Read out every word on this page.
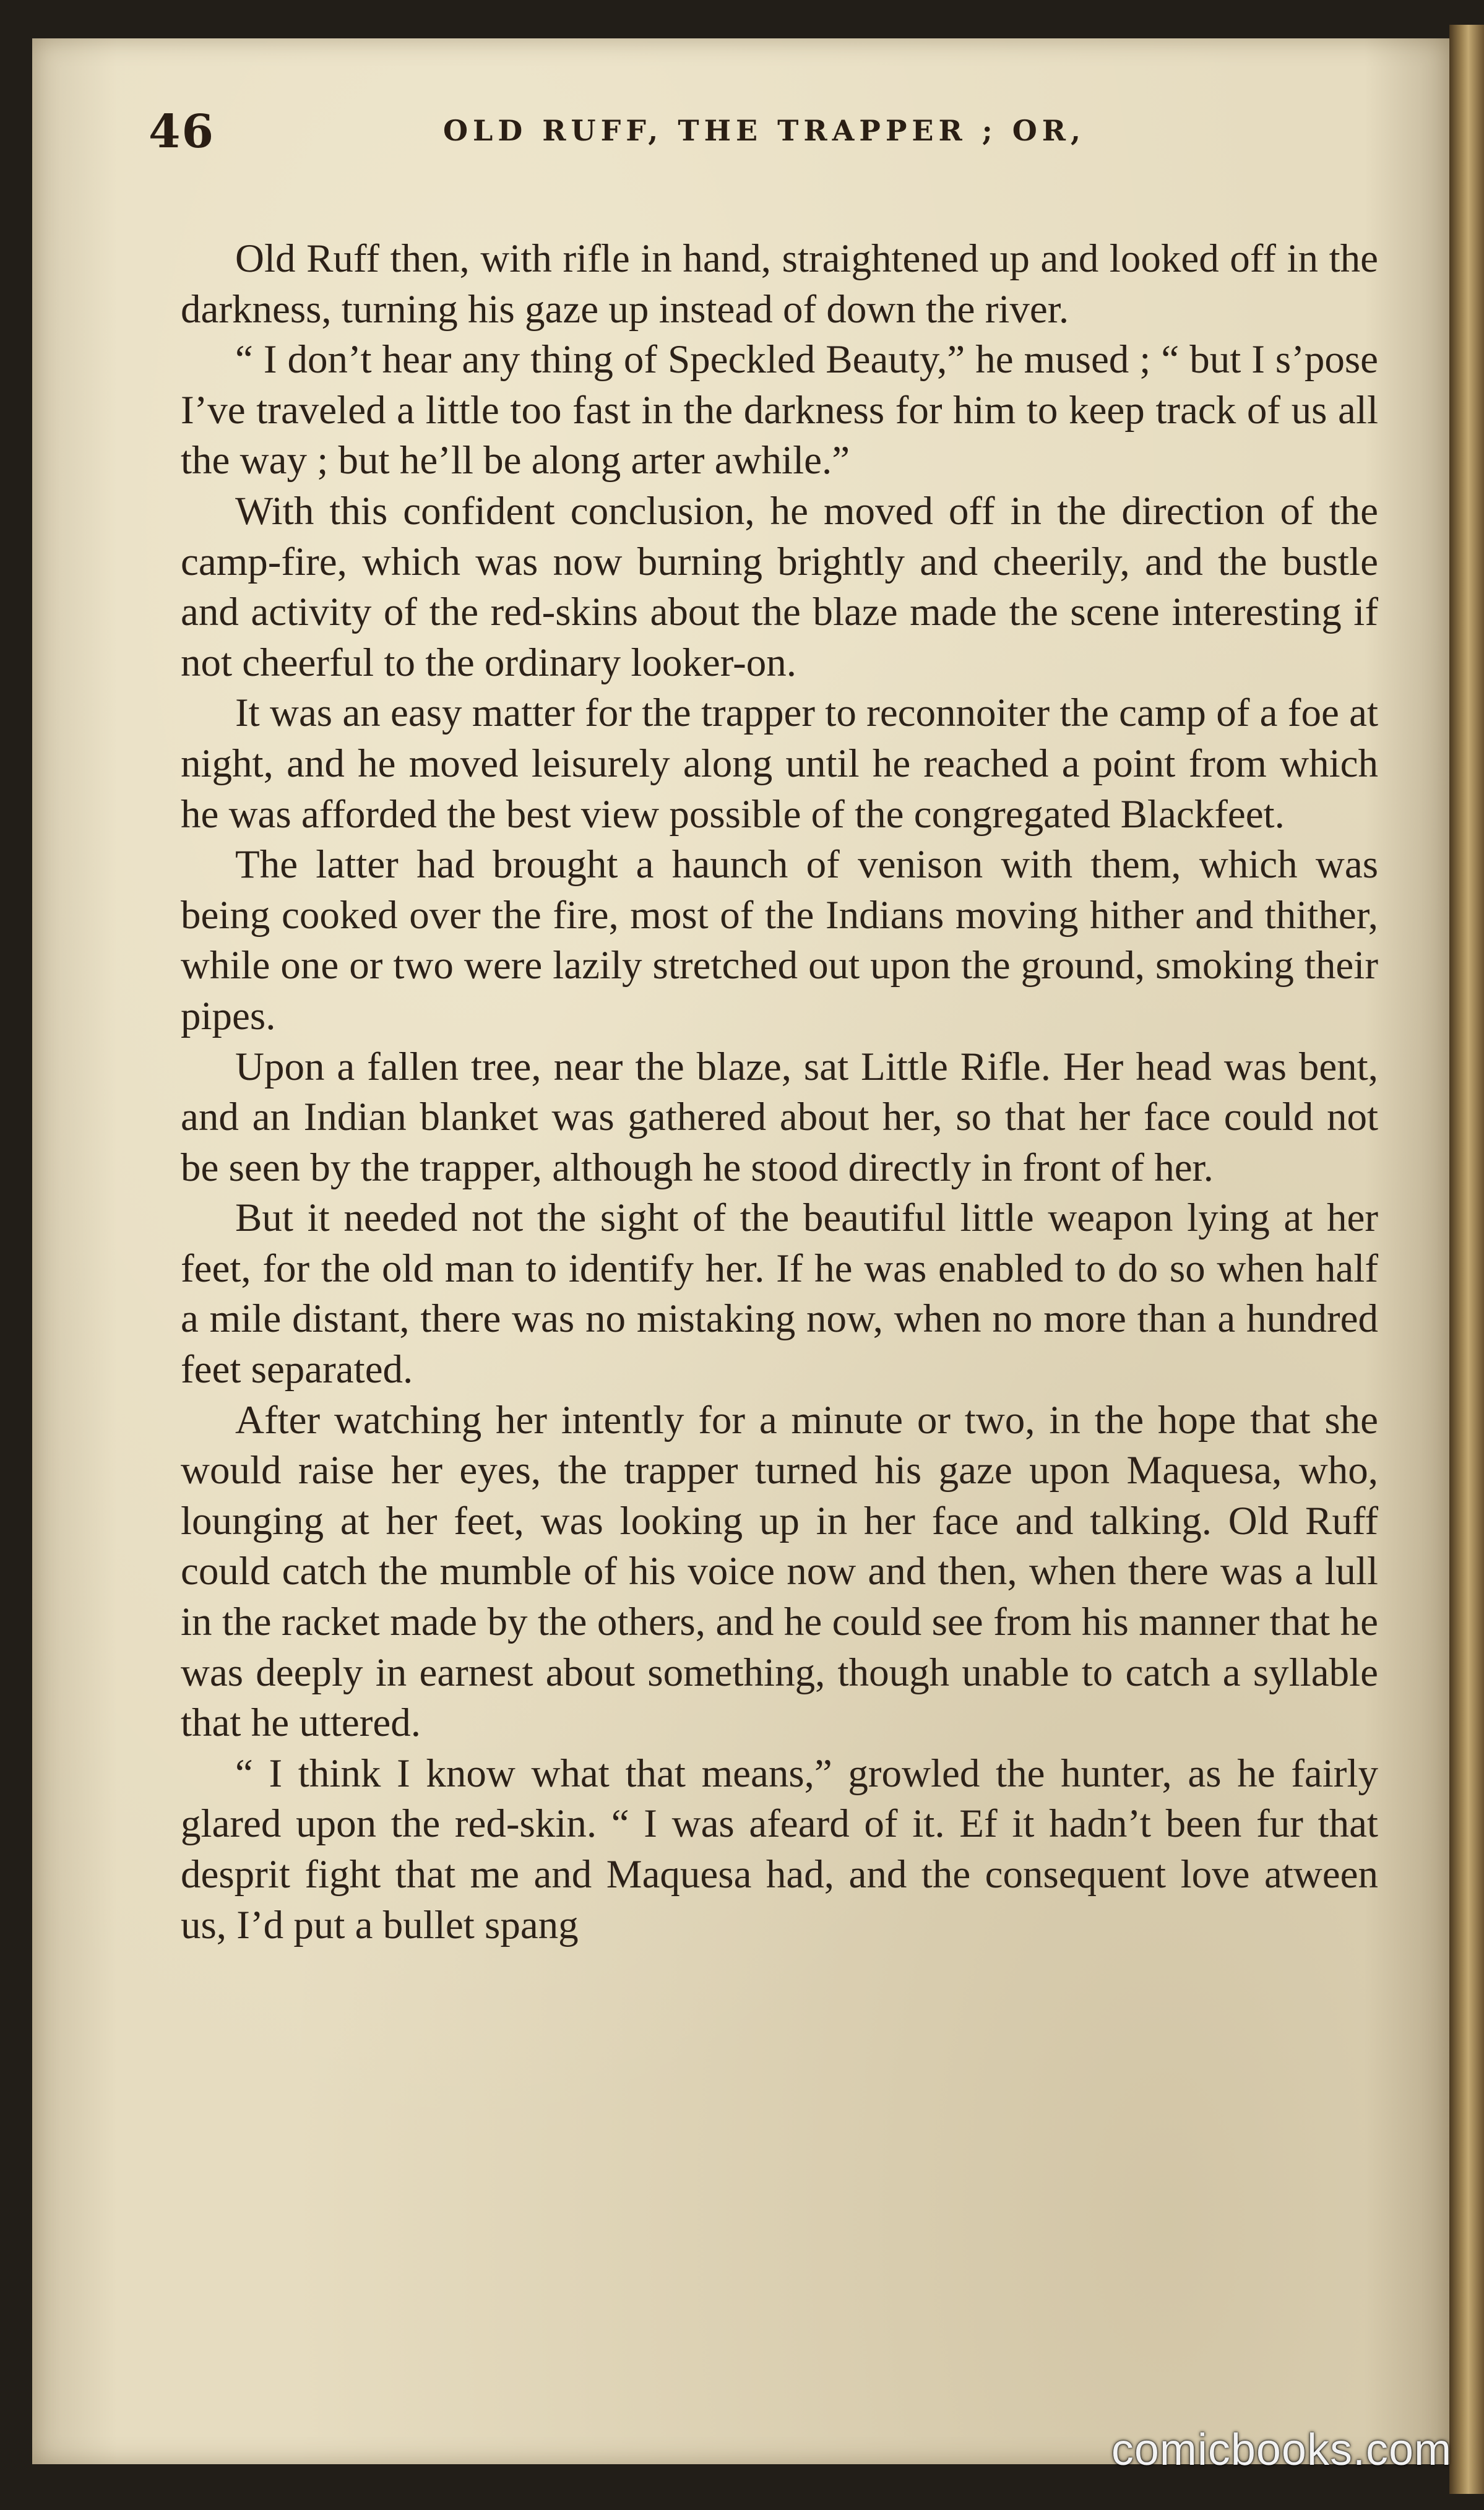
46	OLD RUFF, THE TRAPPER ; OR,

Old Ruff then, with rifle in hand, straightened up and looked off in the darkness, turning his gaze up instead of down the river.

“ I don’t hear any thing of Speckled Beauty,” he mused ; “ but I s’pose I’ve traveled a little too fast in the darkness for him to keep track of us all the way ; but he’ll be along arter awhile.”

With this confident conclusion, he moved off in the direction of the camp-fire, which was now burning brightly and cheerily, and the bustle and activity of the red-skins about the blaze made the scene interesting if not cheerful to the ordinary looker-on.

It was an easy matter for the trapper to reconnoiter the camp of a foe at night, and he moved leisurely along until he reached a point from which he was afforded the best view possible of the congregated Blackfeet.

The latter had brought a haunch of venison with them, which was being cooked over the fire, most of the Indians moving hither and thither, while one or two were lazily stretched out upon the ground, smoking their pipes.

Upon a fallen tree, near the blaze, sat Little Rifle. Her head was bent, and an Indian blanket was gathered about her, so that her face could not be seen by the trapper, although he stood directly in front of her.

But it needed not the sight of the beautiful little weapon lying at her feet, for the old man to identify her. If he was enabled to do so when half a mile distant, there was no mistaking now, when no more than a hundred feet separated.

After watching her intently for a minute or two, in the hope that she would raise her eyes, the trapper turned his gaze upon Maquesa, who, lounging at her feet, was looking up in her face and talking. Old Ruff could catch the mumble of his voice now and then, when there was a lull in the racket made by the others, and he could see from his manner that he was deeply in earnest about something, though unable to catch a syllable that he uttered.

“ I think I know what that means,” growled the hunter, as he fairly glared upon the red-skin. “ I was afeard of it. Ef it hadn’t been fur that desprit fight that me and Maquesa had, and the consequent love atween us, I’d put a bullet spang

comicbooks.com
